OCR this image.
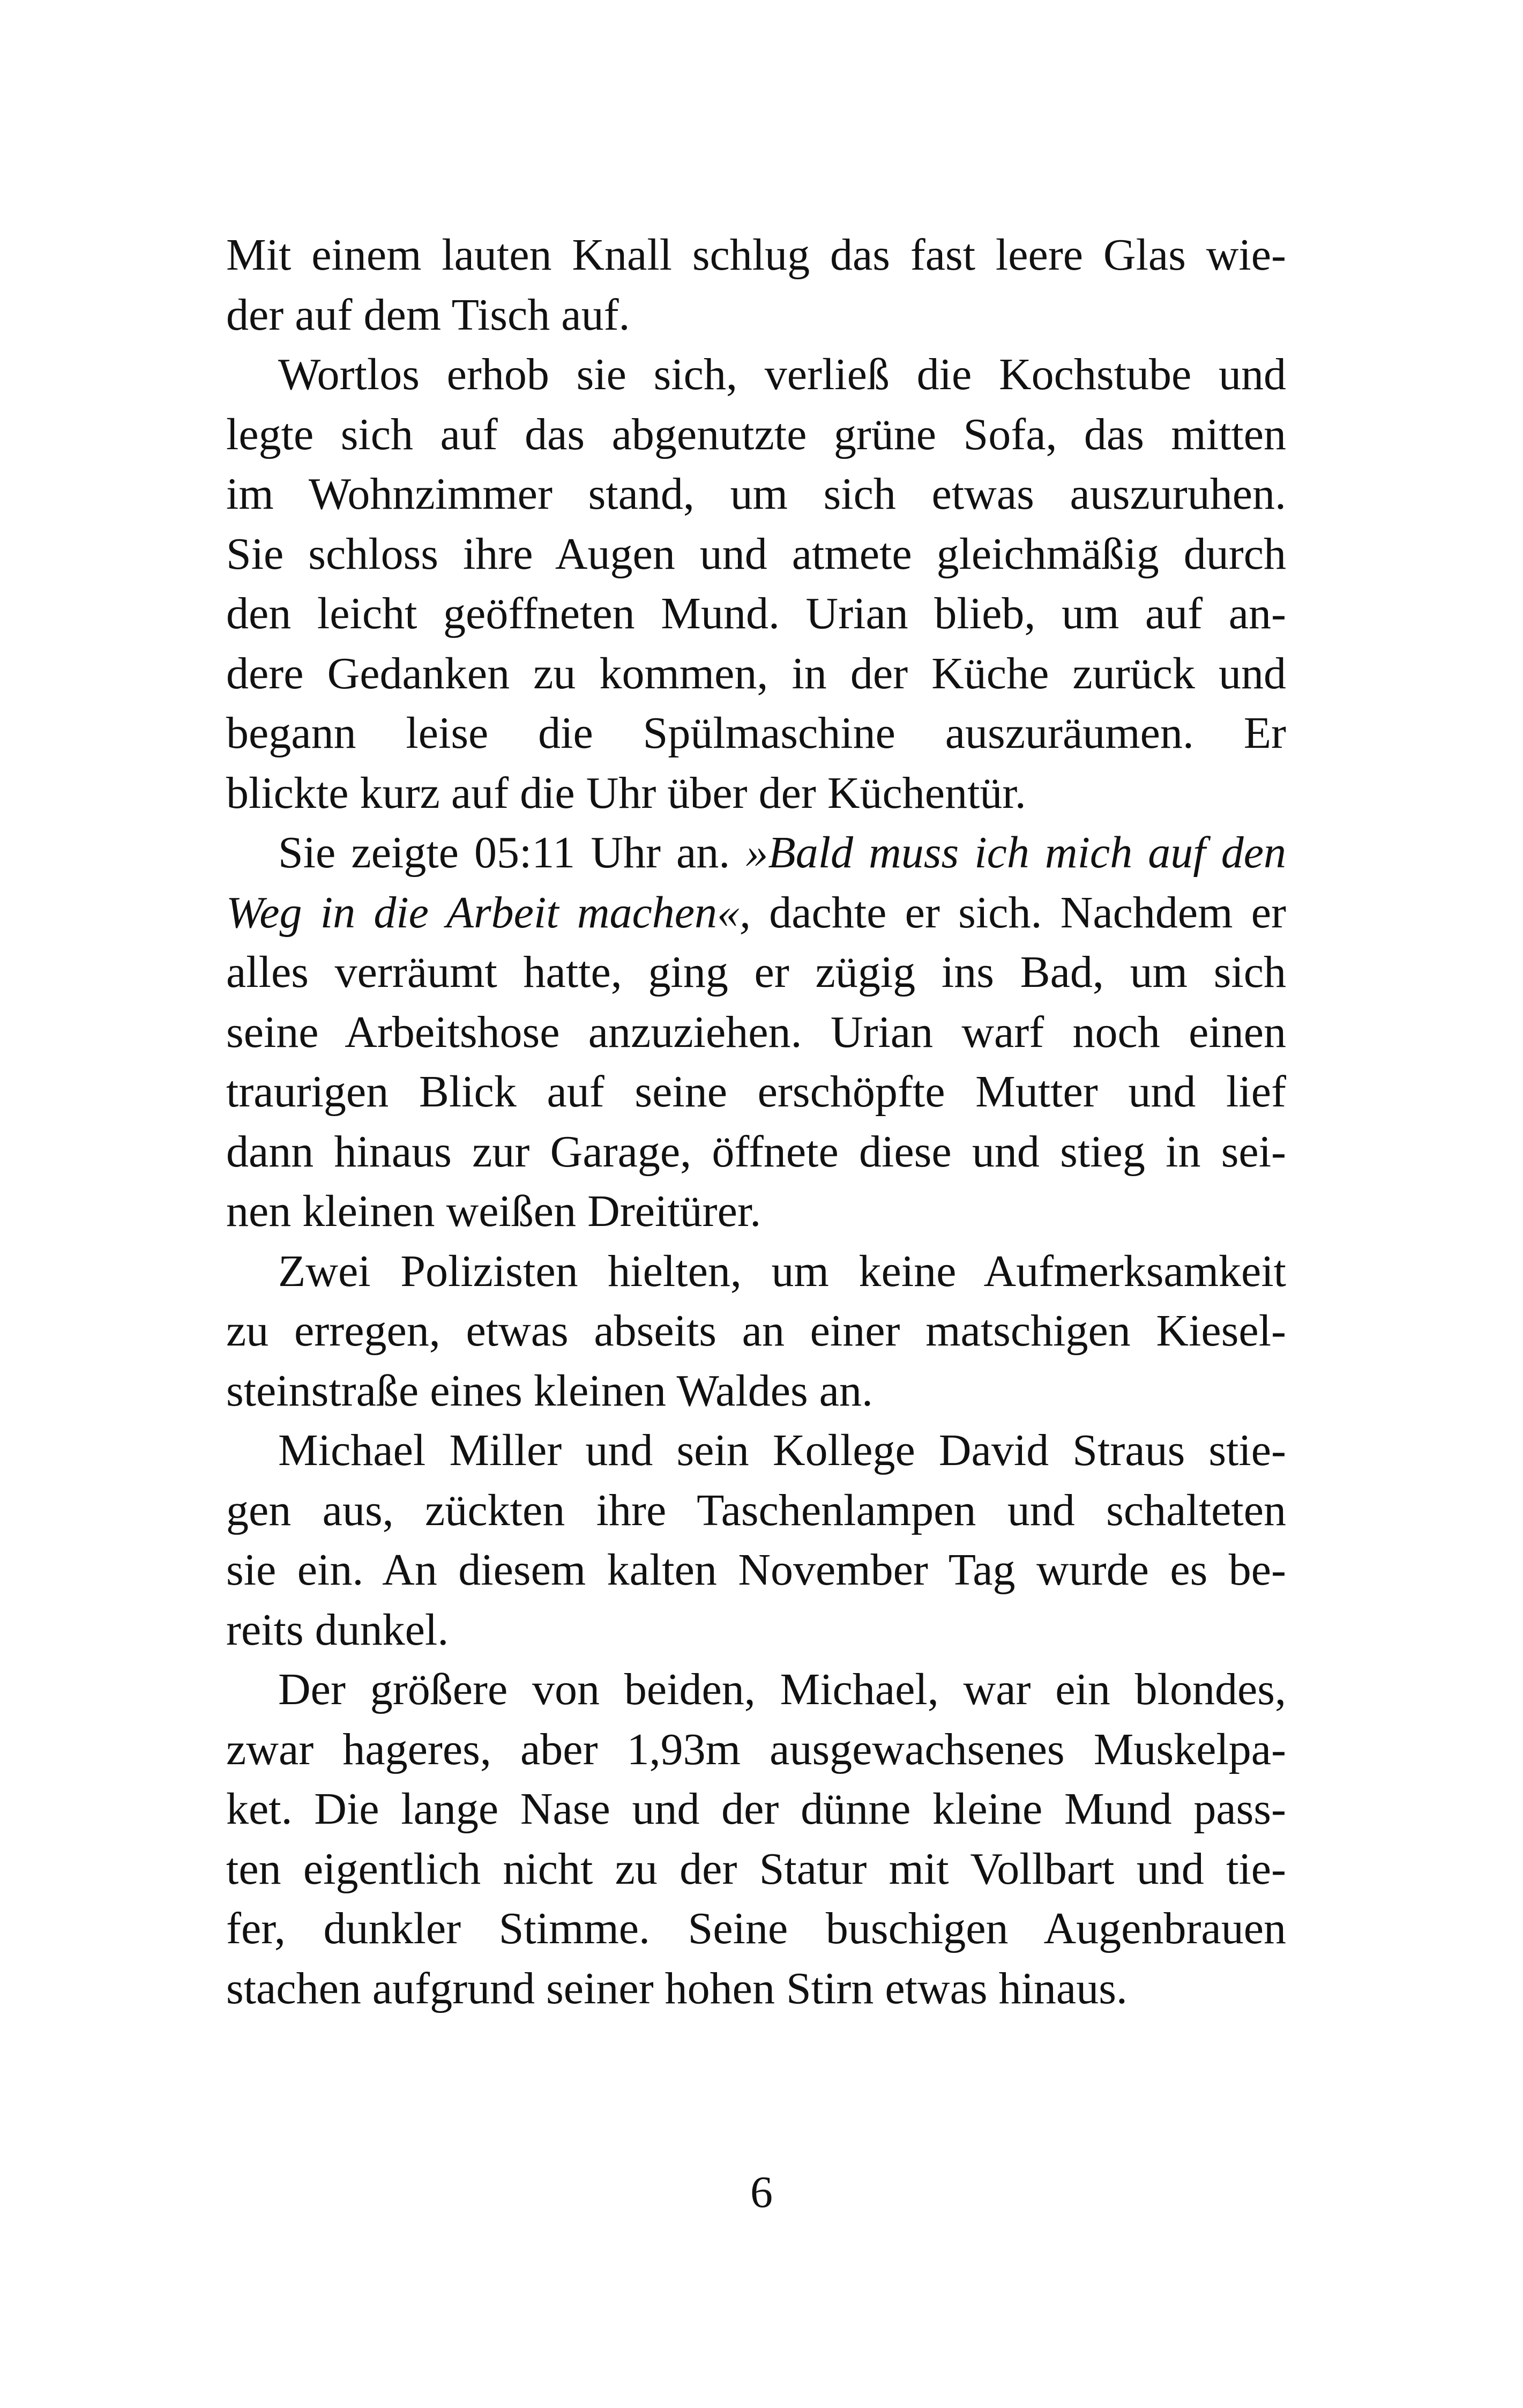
Mit einem lauten Knall schlug das fast leere Glas wie-
der auf dem Tisch auf.
Wortlos erhob sie sich, verließ die Kochstube und
legte sich auf das abgenutzte grüne Sofa, das mitten
im Wohnzimmer stand, um sich etwas auszuruhen.
Sie schloss ihre Augen und atmete gleichmäßig durch
den leicht geöffneten Mund. Urian blieb, um auf an-
dere Gedanken zu kommen, in der Küche zurück und
begann leise die Spülmaschine auszuräumen. Er
blickte kurz auf die Uhr über der Küchentür.
Sie zeigte 05:11 Uhr an. »Bald muss ich mich auf den
Weg in die Arbeit machen«, dachte er sich. Nachdem er
alles verräumt hatte, ging er zügig ins Bad, um sich
seine Arbeitshose anzuziehen. Urian warf noch einen
traurigen Blick auf seine erschöpfte Mutter und lief
dann hinaus zur Garage, öffnete diese und stieg in sei-
nen kleinen weißen Dreitürer.
Zwei Polizisten hielten, um keine Aufmerksamkeit
zu erregen, etwas abseits an einer matschigen Kiesel-
steinstraße eines kleinen Waldes an.
Michael Miller und sein Kollege David Straus stie-
gen aus, zückten ihre Taschenlampen und schalteten
sie ein. An diesem kalten November Tag wurde es be-
reits dunkel.
Der größere von beiden, Michael, war ein blondes,
zwar hageres, aber 1,93m ausgewachsenes Muskelpa-
ket. Die lange Nase und der dünne kleine Mund pass-
ten eigentlich nicht zu der Statur mit Vollbart und tie-
fer, dunkler Stimme. Seine buschigen Augenbrauen
stachen aufgrund seiner hohen Stirn etwas hinaus.
6
